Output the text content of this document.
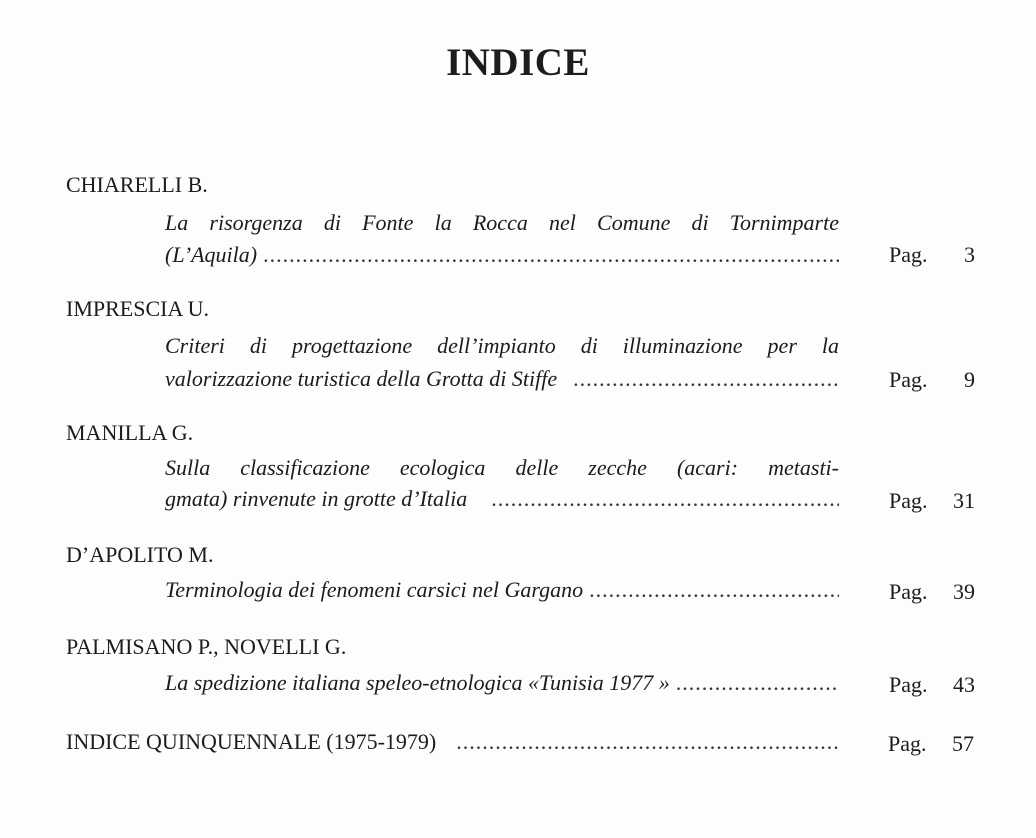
INDICE
CHIARELLI B.
La risorgenza di Fonte la Rocca nel Comune di Tornimparte
(L’Aquila) .....	Pag. 3
IMPRESCIA U.
Criteri di progettazione dell’impianto di illuminazione per la
valorizzazione turistica della Grotta di Stiffe .....	Pag. 9
MANILLA G.
Sulla classificazione ecologica delle zecche (acari: metasti-
gmata) rinvenute in grotte d’Italia .....	Pag. 31
D’APOLITO M.
Terminologia dei fenomeni carsici nel Gargano .....	Pag. 39
PALMISANO P., NOVELLI G.
La spedizione italiana speleo-etnologica «Tunisia 1977 » .....	Pag. 43
INDICE QUINQUENNALE (1975-1979) .....	Pag. 57
